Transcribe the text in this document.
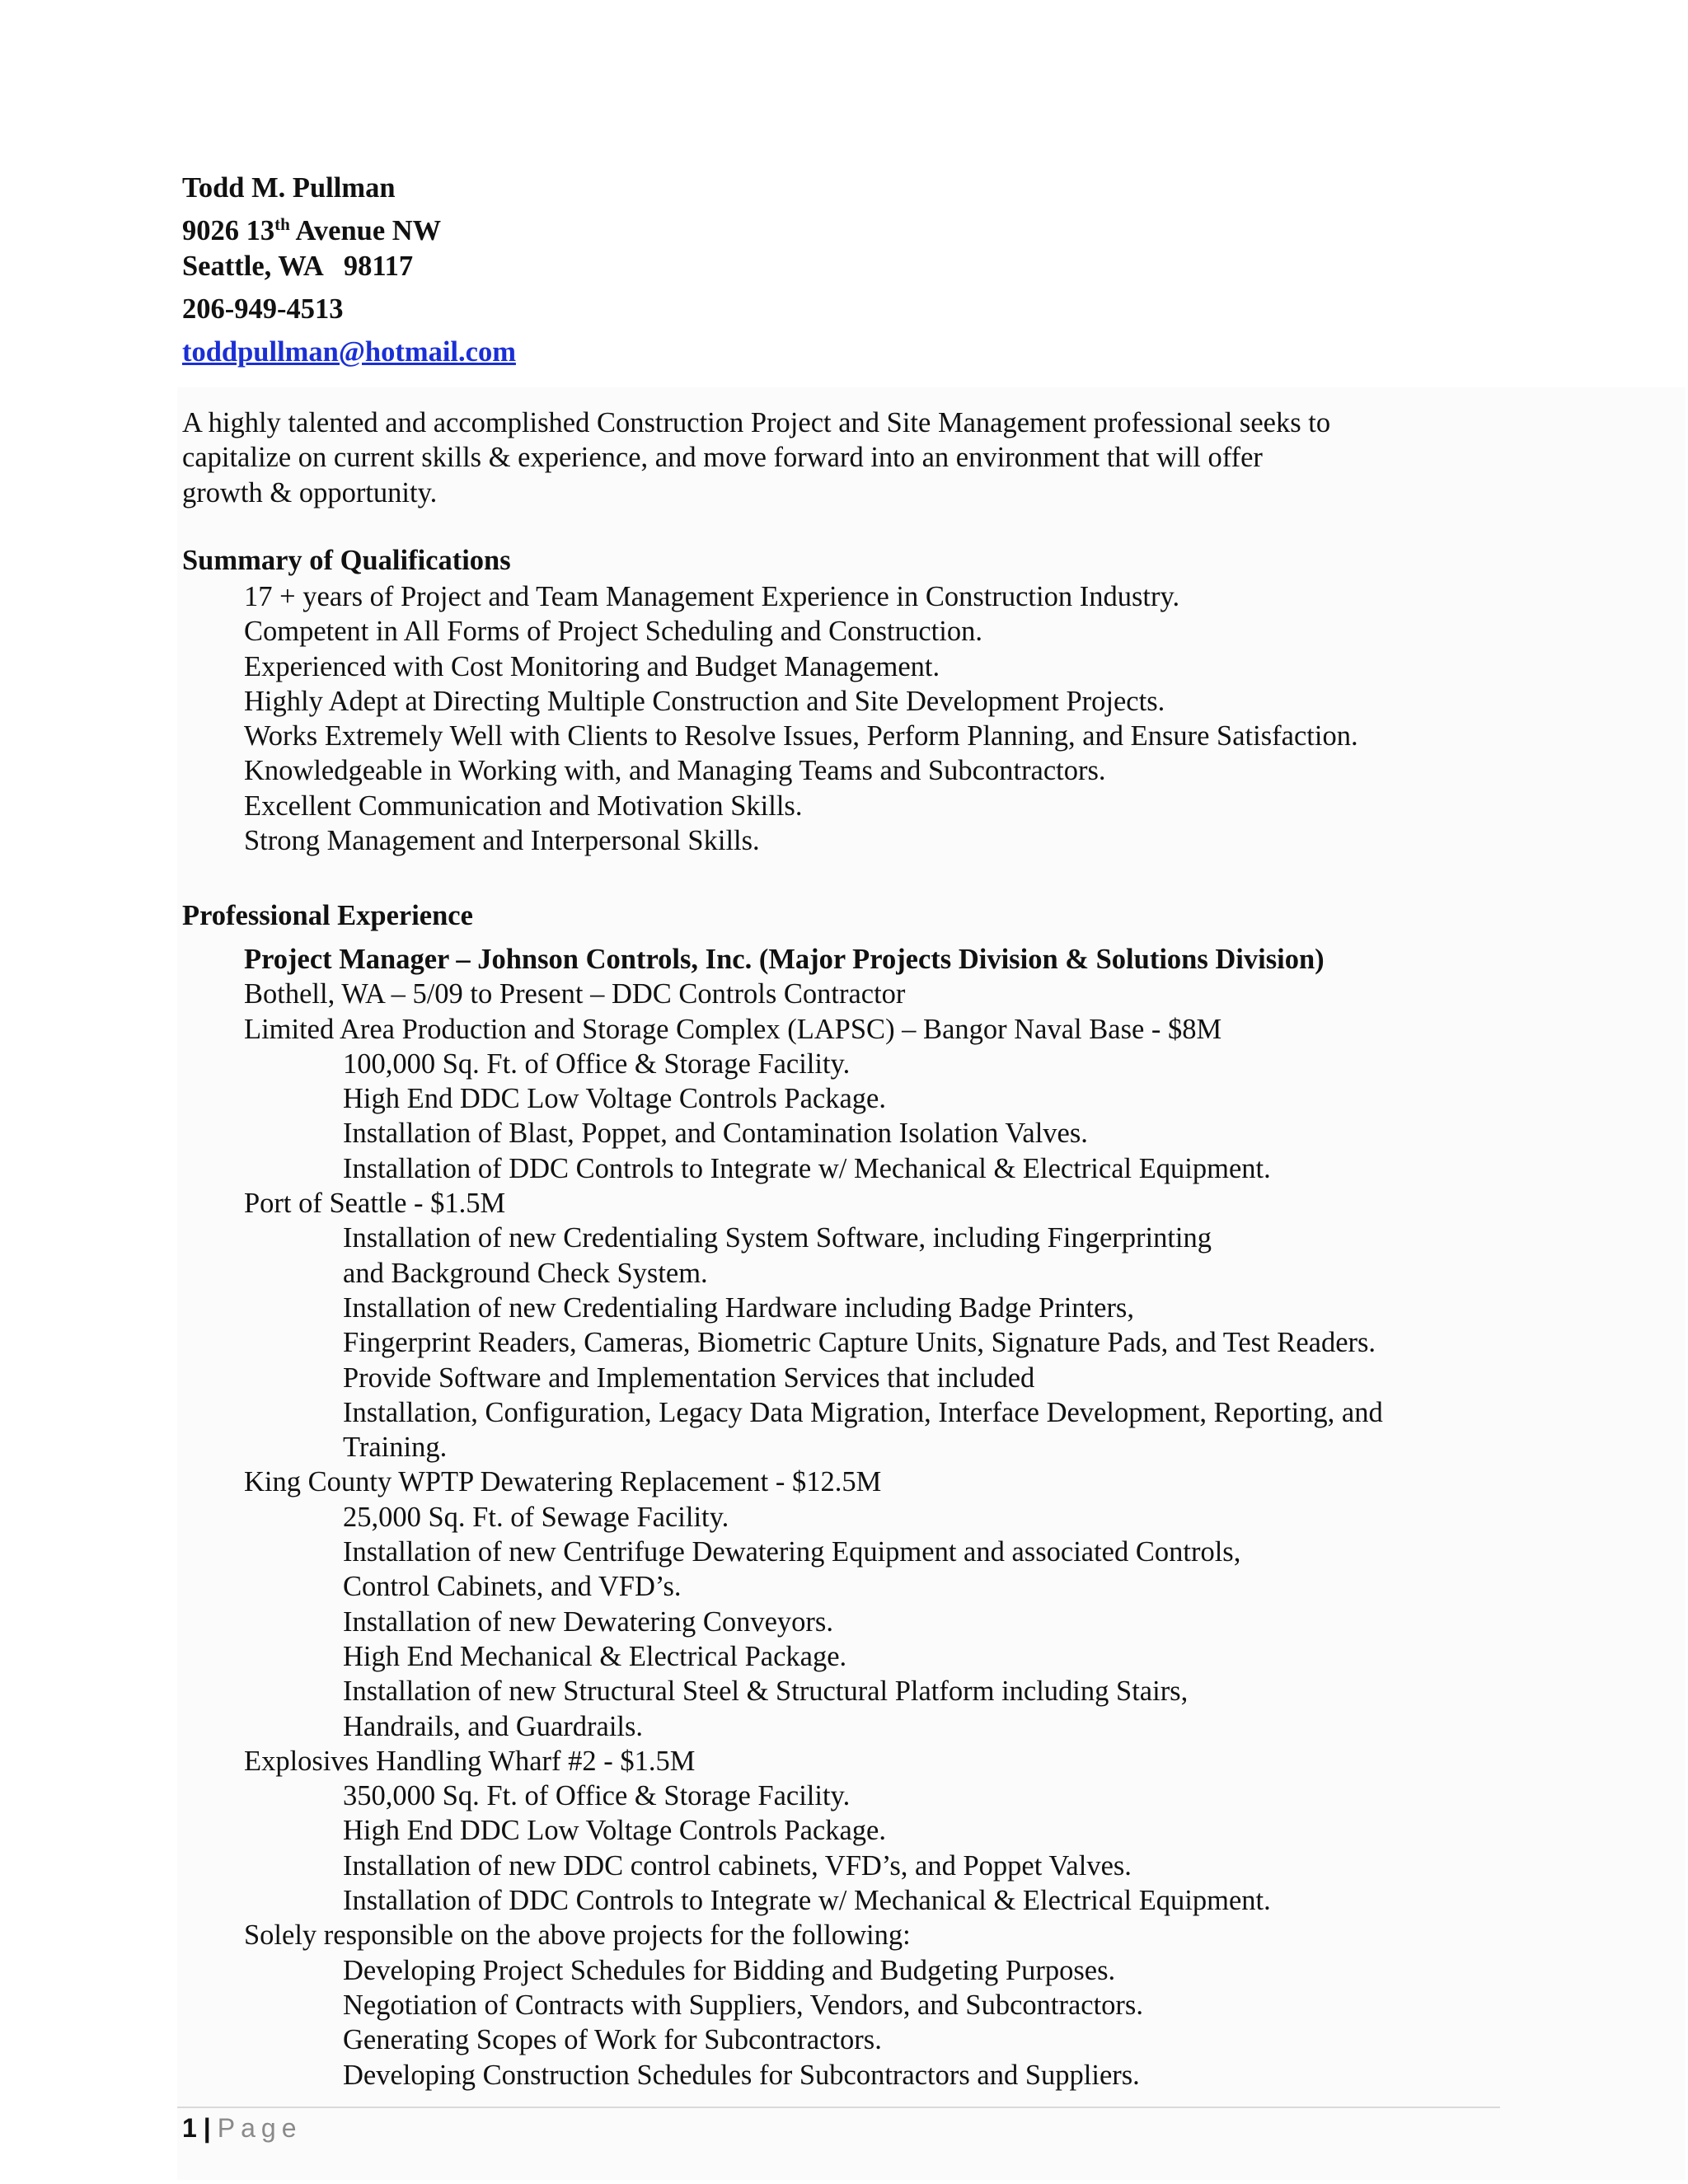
Todd M. Pullman
9026 13th Avenue NW
Seattle, WA   98117
206-949-4513
toddpullman@hotmail.com
A highly talented and accomplished Construction Project and Site Management professional seeks to
capitalize on current skills & experience, and move forward into an environment that will offer
growth & opportunity.
Summary of Qualifications
17 + years of Project and Team Management Experience in Construction Industry.
Competent in All Forms of Project Scheduling and Construction.
Experienced with Cost Monitoring and Budget Management.
Highly Adept at Directing Multiple Construction and Site Development Projects.
Works Extremely Well with Clients to Resolve Issues, Perform Planning, and Ensure Satisfaction.
Knowledgeable in Working with, and Managing Teams and Subcontractors.
Excellent Communication and Motivation Skills.
Strong Management and Interpersonal Skills.
Professional Experience
Project Manager – Johnson Controls, Inc. (Major Projects Division & Solutions Division)
Bothell, WA – 5/09 to Present – DDC Controls Contractor
Limited Area Production and Storage Complex (LAPSC) – Bangor Naval Base - $8M
100,000 Sq. Ft. of Office & Storage Facility.
High End DDC Low Voltage Controls Package.
Installation of Blast, Poppet, and Contamination Isolation Valves.
Installation of DDC Controls to Integrate w/ Mechanical & Electrical Equipment.
Port of Seattle - $1.5M
Installation of new Credentialing System Software, including Fingerprinting
and Background Check System.
Installation of new Credentialing Hardware including Badge Printers,
Fingerprint Readers, Cameras, Biometric Capture Units, Signature Pads, and Test Readers.
Provide Software and Implementation Services that included
Installation, Configuration, Legacy Data Migration, Interface Development, Reporting, and
Training.
King County WPTP Dewatering Replacement - $12.5M
25,000 Sq. Ft. of Sewage Facility.
Installation of new Centrifuge Dewatering Equipment and associated Controls,
Control Cabinets, and VFD’s.
Installation of new Dewatering Conveyors.
High End Mechanical & Electrical Package.
Installation of new Structural Steel & Structural Platform including Stairs,
Handrails, and Guardrails.
Explosives Handling Wharf #2 - $1.5M
350,000 Sq. Ft. of Office & Storage Facility.
High End DDC Low Voltage Controls Package.
Installation of new DDC control cabinets, VFD’s, and Poppet Valves.
Installation of DDC Controls to Integrate w/ Mechanical & Electrical Equipment.
Solely responsible on the above projects for the following:
Developing Project Schedules for Bidding and Budgeting Purposes.
Negotiation of Contracts with Suppliers, Vendors, and Subcontractors.
Generating Scopes of Work for Subcontractors.
Developing Construction Schedules for Subcontractors and Suppliers.
1 | Page
